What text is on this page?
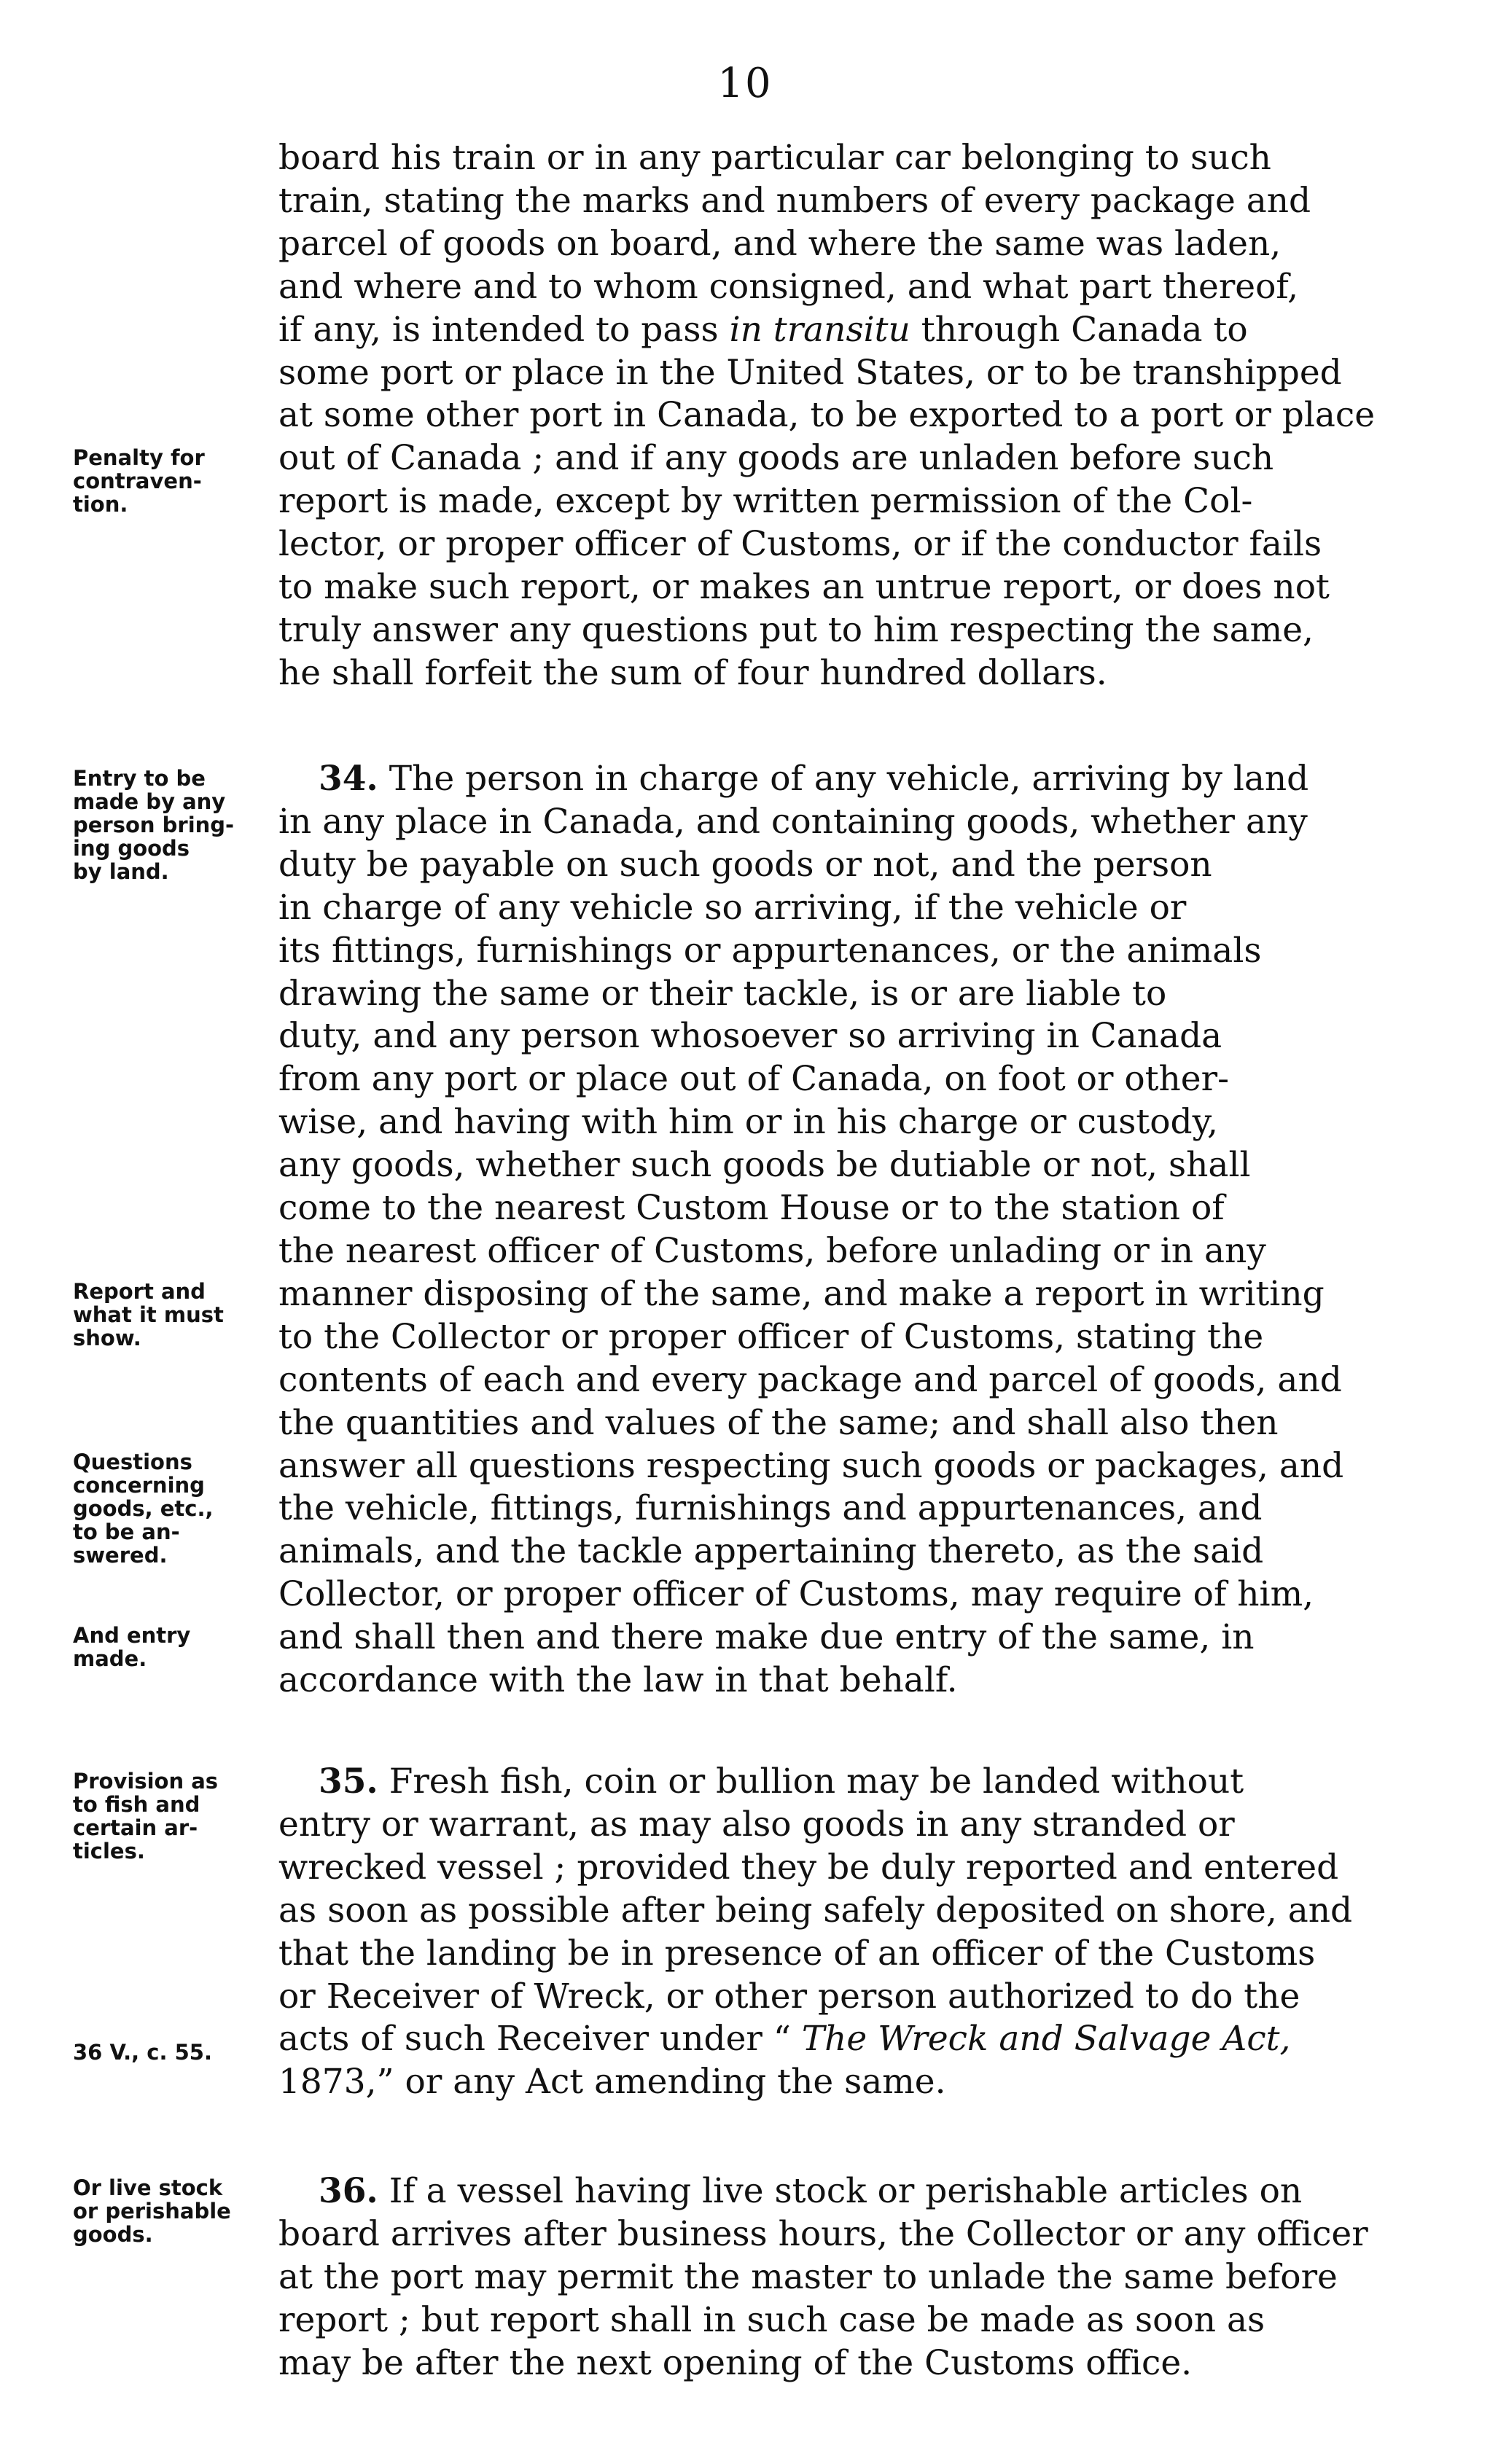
10
board his train or in any particular car belonging to such
train, stating the marks and numbers of every package and
parcel of goods on board, and where the same was laden,
and where and to whom consigned, and what part thereof,
if any, is intended to pass in transitu through Canada to
some port or place in the United States, or to be transhipped
at some other port in Canada, to be exported to a port or place
out of Canada ; and if any goods are unladen before such
report is made, except by written permission of the Col-
lector, or proper officer of Customs, or if the conductor fails
to make such report, or makes an untrue report, or does not
truly answer any questions put to him respecting the same,
he shall forfeit the sum of four hundred dollars.
34. The person in charge of any vehicle, arriving by land
in any place in Canada, and containing goods, whether any
duty be payable on such goods or not, and the person
in charge of any vehicle so arriving, if the vehicle or
its fittings, furnishings or appurtenances, or the animals
drawing the same or their tackle, is or are liable to
duty, and any person whosoever so arriving in Canada
from any port or place out of Canada, on foot or other-
wise, and having with him or in his charge or custody,
any goods, whether such goods be dutiable or not, shall
come to the nearest Custom House or to the station of
the nearest officer of Customs, before unlading or in any
manner disposing of the same, and make a report in writing
to the Collector or proper officer of Customs, stating the
contents of each and every package and parcel of goods, and
the quantities and values of the same; and shall also then
answer all questions respecting such goods or packages, and
the vehicle, fittings, furnishings and appurtenances, and
animals, and the tackle appertaining thereto, as the said
Collector, or proper officer of Customs, may require of him,
and shall then and there make due entry of the same, in
accordance with the law in that behalf.
35. Fresh fish, coin or bullion may be landed without
entry or warrant, as may also goods in any stranded or
wrecked vessel ; provided they be duly reported and entered
as soon as possible after being safely deposited on shore, and
that the landing be in presence of an officer of the Customs
or Receiver of Wreck, or other person authorized to do the
acts of such Receiver under “ The Wreck and Salvage Act,
1873,” or any Act amending the same.
36. If a vessel having live stock or perishable articles on
board arrives after business hours, the Collector or any officer
at the port may permit the master to unlade the same before
report ; but report shall in such case be made as soon as
may be after the next opening of the Customs office.
Penalty for
contraven-
tion.
Entry to be
made by any
person bring-
ing goods
by land.
Report and
what it must
show.
Questions
concerning
goods, etc.,
to be an-
swered.
And entry
made.
Provision as
to fish and
certain ar-
ticles.
36 V., c. 55.
Or live stock
or perishable
goods.
